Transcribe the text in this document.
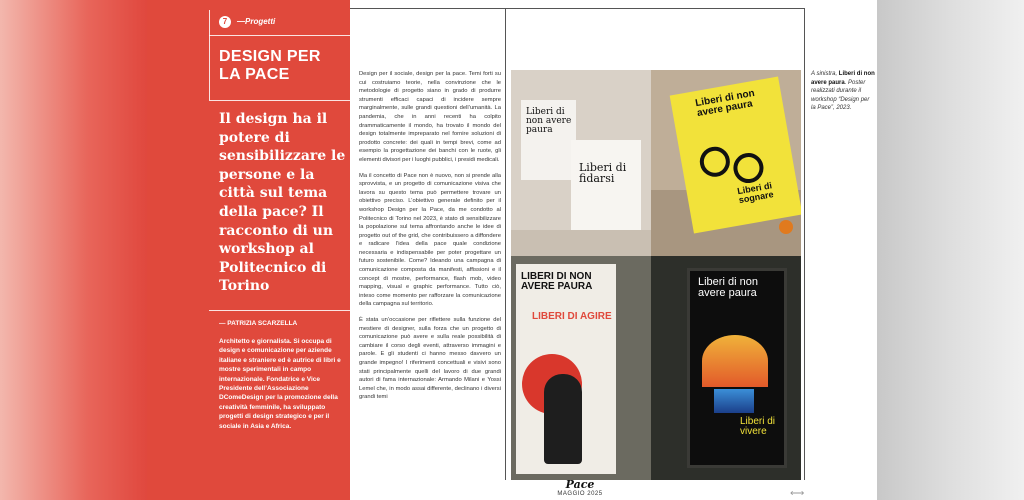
7	—Progetti
DESIGN PER LA PACE
Il design ha il potere di sensibilizzare le persone e la città sul tema della pace? Il racconto di un workshop al Politecnico di Torino
— PATRIZIA SCARZELLA
Architetto e giornalista. Si occupa di design e comunicazione per aziende italiane e straniere ed è autrice di libri e mostre sperimentali in campo internazionale. Fondatrice e Vice Presidente dell’Associazione DComeDesign per la promozione della creatività femminile, ha sviluppato progetti di design strategico e per il sociale in Asia e Africa.

Design per il sociale, design per la pace. Temi forti su cui costruiamo teorie, nella convinzione che le metodologie di progetto siano in grado di produrre strumenti efficaci capaci di incidere sempre marginalmente, sulle grandi questioni dell’umanità. La pandemia, che in anni recenti ha colpito drammaticamente il mondo, ha trovato il mondo del design totalmente impreparato nel fornire soluzioni di prodotto concrete: dei quali in tempi brevi, come ad esempio la progettazione dei banchi con le ruote, gli elementi divisori per i luoghi pubblici, i presidi medicali.

Ma il concetto di Pace non è nuovo, non si prende alla sprovvista, e un progetto di comunicazione visiva che lavora su questo tema può permettere trovare un obiettivo preciso. L’obiettivo generale definito per il workshop Design per la Pace, da me condotto al Politecnico di Torino nel 2023, è stato di sensibilizzare la popolazione sul tema affrontando anche le idee di progetto out of the grid, che contribuissero a diffondere e radicare l’idea della pace quale condizione necessaria e indispensabile per poter progettare un futuro sostenibile. Come? Ideando una campagna di comunicazione composta da manifesti, affissioni e il concept di mostre, performance, flash mob, video mapping, visual e graphic performance. Tutto ciò, inteso come momento per rafforzare la comunicazione della campagna sul territorio.

È stata un’occasione per riflettere sulla funzione del mestiere di designer, sulla forza che un progetto di comunicazione può avere e sulla reale possibilità di cambiare il corso degli eventi, attraverso immagini e parole. E gli studenti ci hanno messo davvero un grande impegno! I riferimenti concettuali e visivi sono stati principalmente quelli del lavoro di due grandi autori di fama internazionale: Armando Milani e Yossi Lemel che, in modo assai differente, declinano i diversi grandi temi

Liberi di non avere paura
Liberi di fidarsi
Liberi di non avere paura
Liberi di sognare
LIBERI DI NON AVERE PAURA
LIBERI DI AGIRE
Liberi di non avere paura
Liberi di vivere
A sinistra, Liberi di non avere paura. Poster realizzati durante il workshop “Design per la Pace”, 2023.
Pace
MAGGIO 2025	⟷
